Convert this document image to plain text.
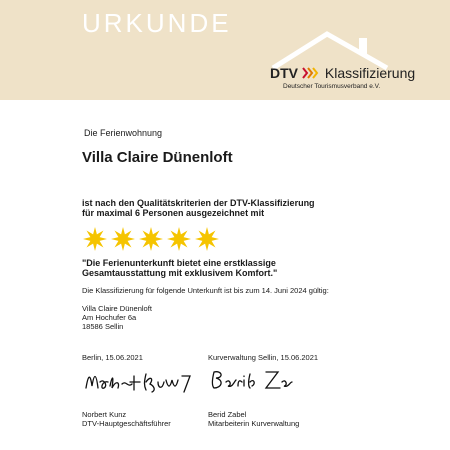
URKUNDE
DTV Klassifizierung
Deutscher Tourismusverband e.V.
Die Ferienwohnung
Villa Claire Dünenloft
ist nach den Qualitätskriterien der DTV-Klassifizierung
für maximal 6 Personen ausgezeichnet mit
"Die Ferienunterkunft bietet eine erstklassige
Gesamtausstattung mit exklusivem Komfort."
Die Klassifizierung für folgende Unterkunft ist bis zum 14. Juni 2024 gültig:
Villa Claire Dünenloft
Am Hochufer 6a
18586 Sellin
Berlin, 15.06.2021	Kurverwaltung Sellin, 15.06.2021
Norbert Kunz
DTV-Hauptgeschäftsführer
Berid Zabel
Mitarbeiterin Kurverwaltung
